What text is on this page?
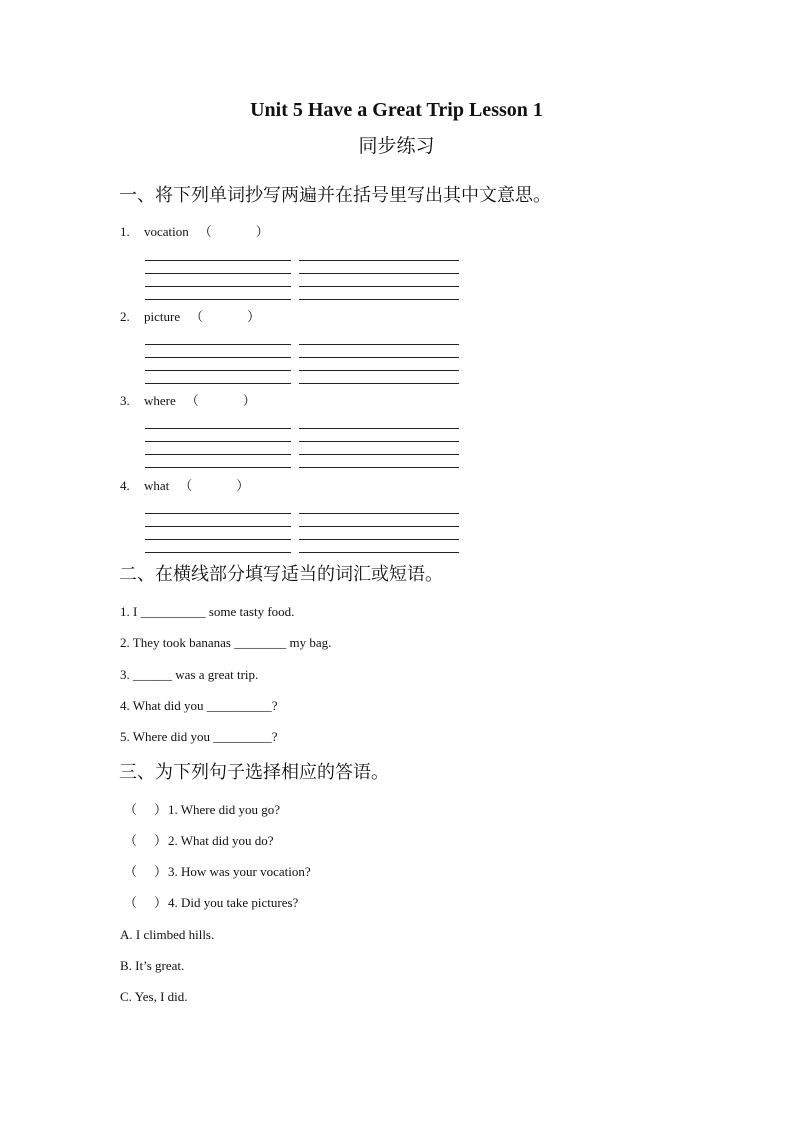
Unit 5 Have a Great Trip Lesson 1
同步练习
一、将下列单词抄写两遍并在括号里写出其中文意思。
1. vocation （	）
2. picture （	）
3. where （	）
4. what （	）
二、在横线部分填写适当的词汇或短语。
1. I __________ some tasty food.
2. They took bananas ________ my bag.
3. ______ was a great trip.
4. What did you __________?
5. Where did you _________?
三、为下列句子选择相应的答语。
（ ）1. Where did you go?
（ ）2. What did you do?
（ ）3. How was your vocation?
（ ）4. Did you take pictures?
A. I climbed hills.
B. It’s great.
C. Yes, I did.
